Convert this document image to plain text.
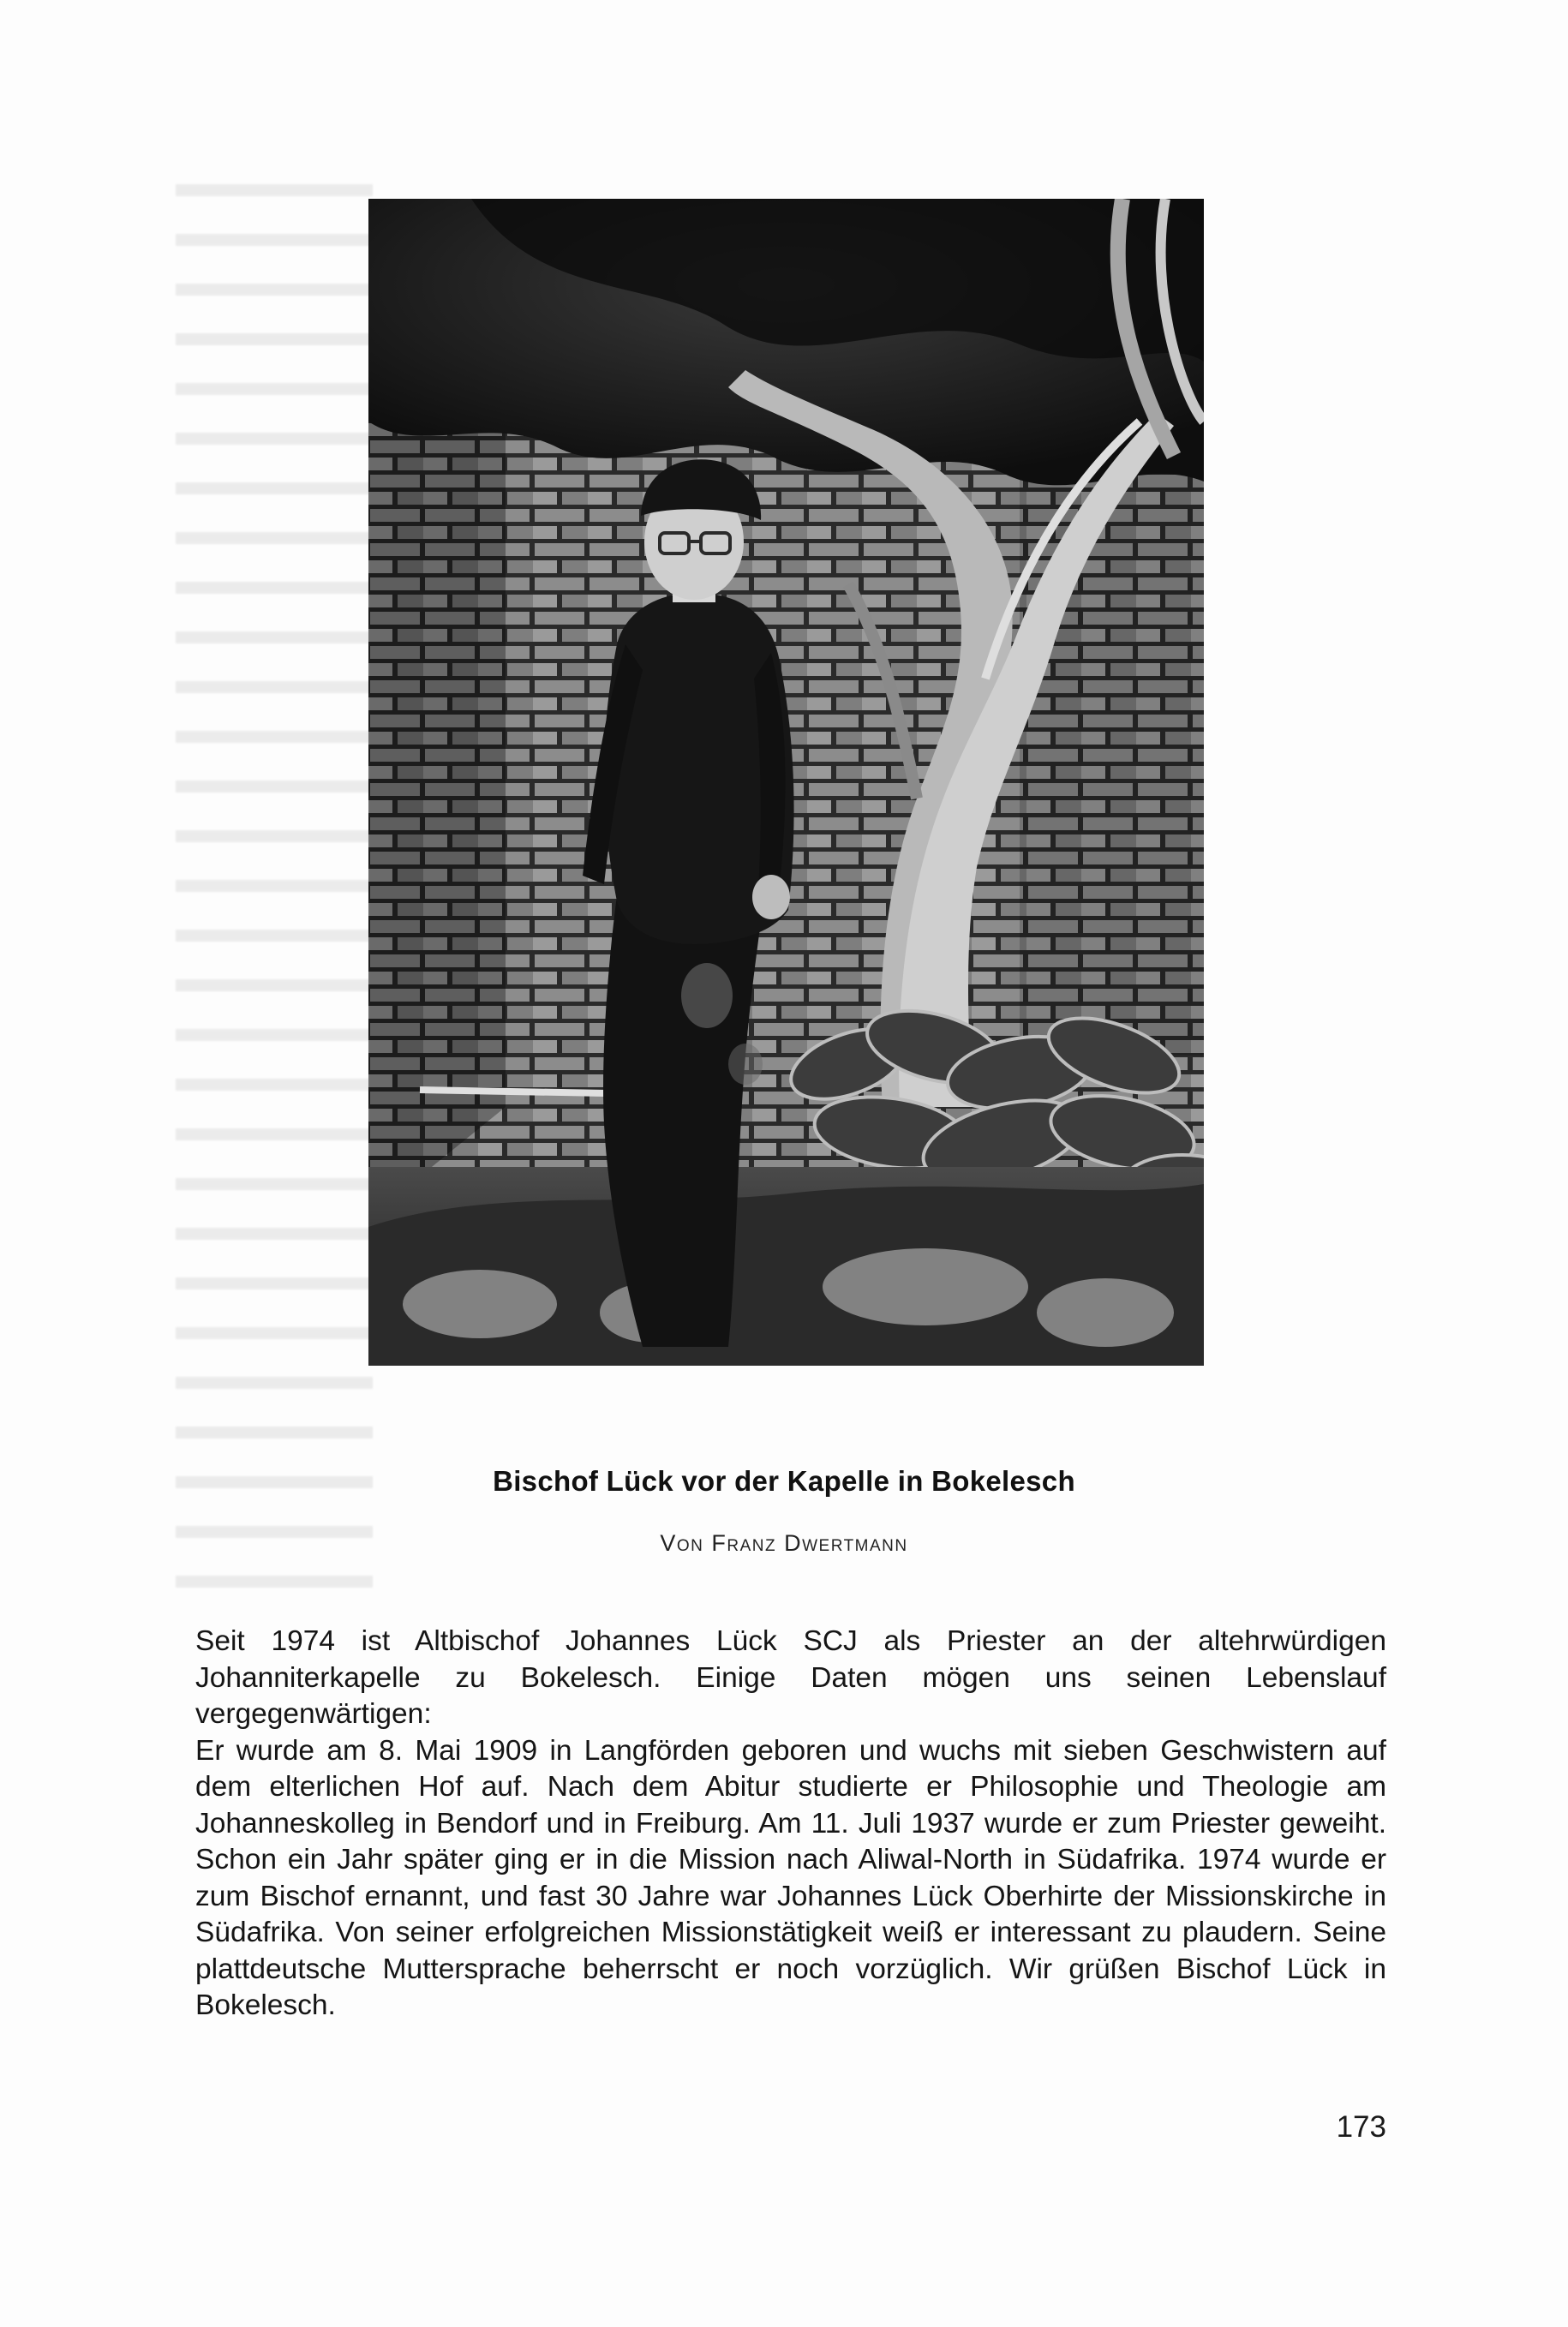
Bischof Lück vor der Kapelle in Bokelesch
Von Franz Dwertmann

Seit 1974 ist Altbischof Johannes Lück SCJ als Priester an der altehrwürdigen Johanniterkapelle zu Bokelesch. Einige Daten mögen uns seinen Lebenslauf vergegenwärtigen:

Er wurde am 8. Mai 1909 in Langförden geboren und wuchs mit sieben Geschwistern auf dem elterlichen Hof auf. Nach dem Abitur studierte er Philosophie und Theologie am Johanneskolleg in Bendorf und in Freiburg. Am 11. Juli 1937 wurde er zum Priester geweiht. Schon ein Jahr später ging er in die Mission nach Aliwal-North in Südafrika. 1974 wurde er zum Bischof ernannt, und fast 30 Jahre war Johannes Lück Oberhirte der Missionskirche in Südafrika. Von seiner erfolgreichen Missionstätigkeit weiß er interessant zu plaudern. Seine plattdeutsche Muttersprache beherrscht er noch vorzüglich. Wir grüßen Bischof Lück in Bokelesch.

173
